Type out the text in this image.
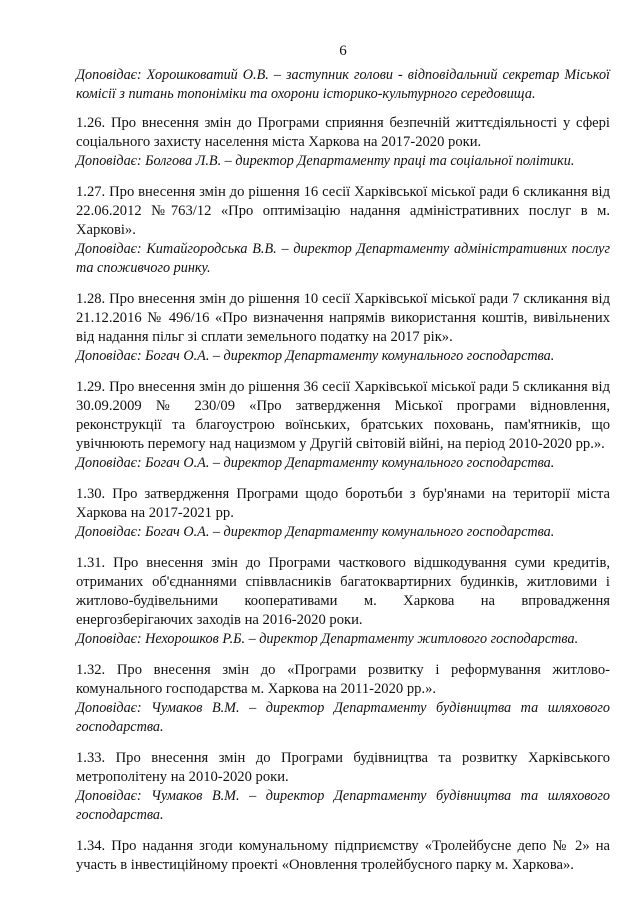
6

Доповідає: Хорошковатий О.В. – заступник голови - відповідальний секретар Міської комісії з питань топоніміки та охорони історико-культурного середовища.

1.26. Про внесення змін до Програми сприяння безпечній життєдіяльності у сфері соціального захисту населення міста Харкова на 2017-2020 роки.

Доповідає: Болгова Л.В. – директор Департаменту праці та соціальної політики.

1.27. Про внесення змін до рішення 16 сесії Харківської міської ради 6 скликання від 22.06.2012 №763/12 «Про оптимізацію надання адміністративних послуг в м. Харкові».

Доповідає: Китайгородська В.В. – директор Департаменту адміністративних послуг та споживчого ринку.

1.28. Про внесення змін до рішення 10 сесії Харківської міської ради 7 скликання від 21.12.2016 № 496/16 «Про визначення напрямів використання коштів, вивільнених від надання пільг зі сплати земельного податку на 2017 рік».

Доповідає: Богач О.А. – директор Департаменту комунального господарства.

1.29. Про внесення змін до рішення 36 сесії Харківської міської ради 5 скликання від 30.09.2009 № 230/09 «Про затвердження Міської програми відновлення, реконструкції та благоустрою воїнських, братських поховань, пам'ятників, що увічнюють перемогу над нацизмом у Другій світовій війні, на період 2010-2020 рр.».

Доповідає: Богач О.А. – директор Департаменту комунального господарства.

1.30. Про затвердження Програми щодо боротьби з бур'янами на території міста Харкова на 2017-2021 рр.

Доповідає: Богач О.А. – директор Департаменту комунального господарства.

1.31. Про внесення змін до Програми часткового відшкодування суми кредитів, отриманих об'єднаннями співвласників багатоквартирних будинків, житловими і житлово-будівельними кооперативами м. Харкова на впровадження енергозберігаючих заходів на 2016-2020 роки.

Доповідає: Нехорошков Р.Б. – директор Департаменту житлового господарства.

1.32. Про внесення змін до «Програми розвитку і реформування житлово-комунального господарства м. Харкова на 2011-2020 рр.».

Доповідає: Чумаков В.М. – директор Департаменту будівництва та шляхового господарства.

1.33. Про внесення змін до Програми будівництва та розвитку Харківського метрополітену на 2010-2020 роки.

Доповідає: Чумаков В.М. – директор Департаменту будівництва та шляхового господарства.

1.34. Про надання згоди комунальному підприємству «Тролейбусне депо № 2» на участь в інвестиційному проекті «Оновлення тролейбусного парку м. Харкова».
